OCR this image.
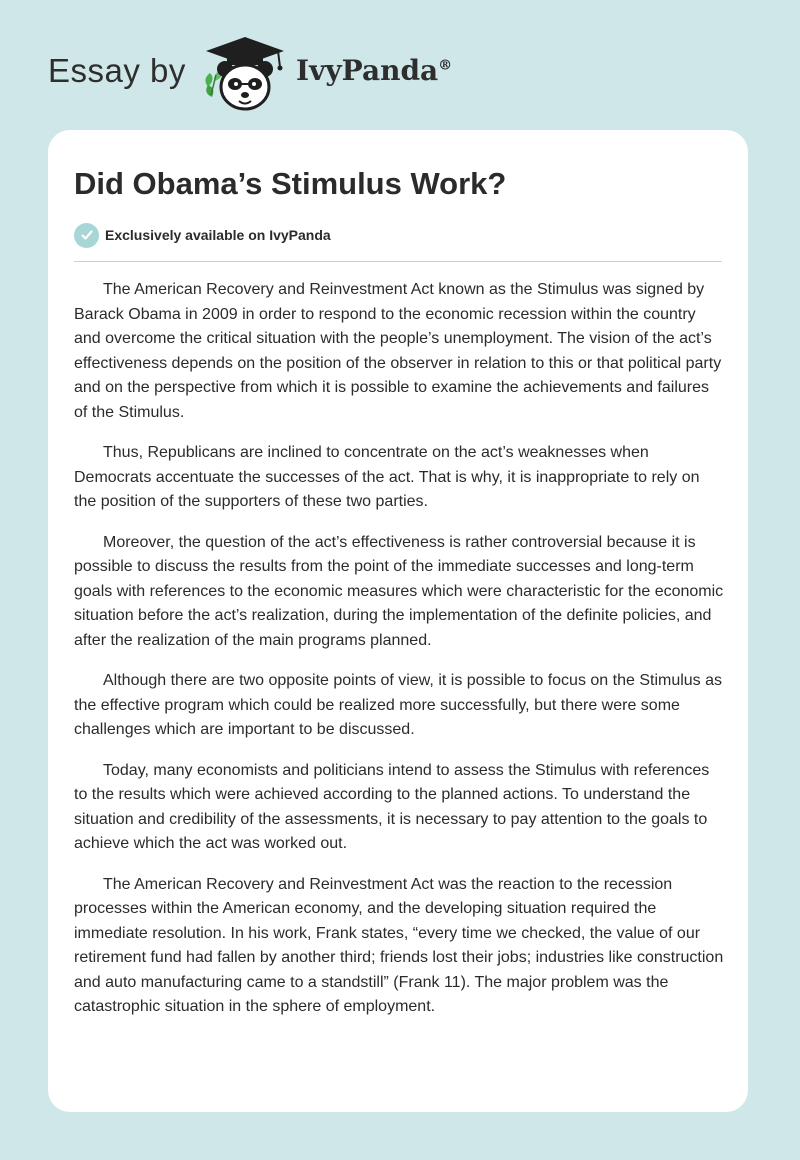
Essay by	IvyPanda®
Did Obama’s Stimulus Work?
Exclusively available on IvyPanda

The American Recovery and Reinvestment Act known as the Stimulus was signed by Barack Obama in 2009 in order to respond to the economic recession within the country and overcome the critical situation with the people’s unemployment. The vision of the act’s effectiveness depends on the position of the observer in relation to this or that political party and on the perspective from which it is possible to examine the achievements and failures of the Stimulus.

Thus, Republicans are inclined to concentrate on the act’s weaknesses when Democrats accentuate the successes of the act. That is why, it is inappropriate to rely on the position of the supporters of these two parties.

Moreover, the question of the act’s effectiveness is rather controversial because it is possible to discuss the results from the point of the immediate successes and long-term goals with references to the economic measures which were characteristic for the economic situation before the act’s realization, during the implementation of the definite policies, and after the realization of the main programs planned.

Although there are two opposite points of view, it is possible to focus on the Stimulus as the effective program which could be realized more successfully, but there were some challenges which are important to be discussed.

Today, many economists and politicians intend to assess the Stimulus with references to the results which were achieved according to the planned actions. To understand the situation and credibility of the assessments, it is necessary to pay attention to the goals to achieve which the act was worked out.

The American Recovery and Reinvestment Act was the reaction to the recession processes within the American economy, and the developing situation required the immediate resolution. In his work, Frank states, “every time we checked, the value of our retirement fund had fallen by another third; friends lost their jobs; industries like construction and auto manufacturing came to a standstill” (Frank 11). The major problem was the catastrophic situation in the sphere of employment.
